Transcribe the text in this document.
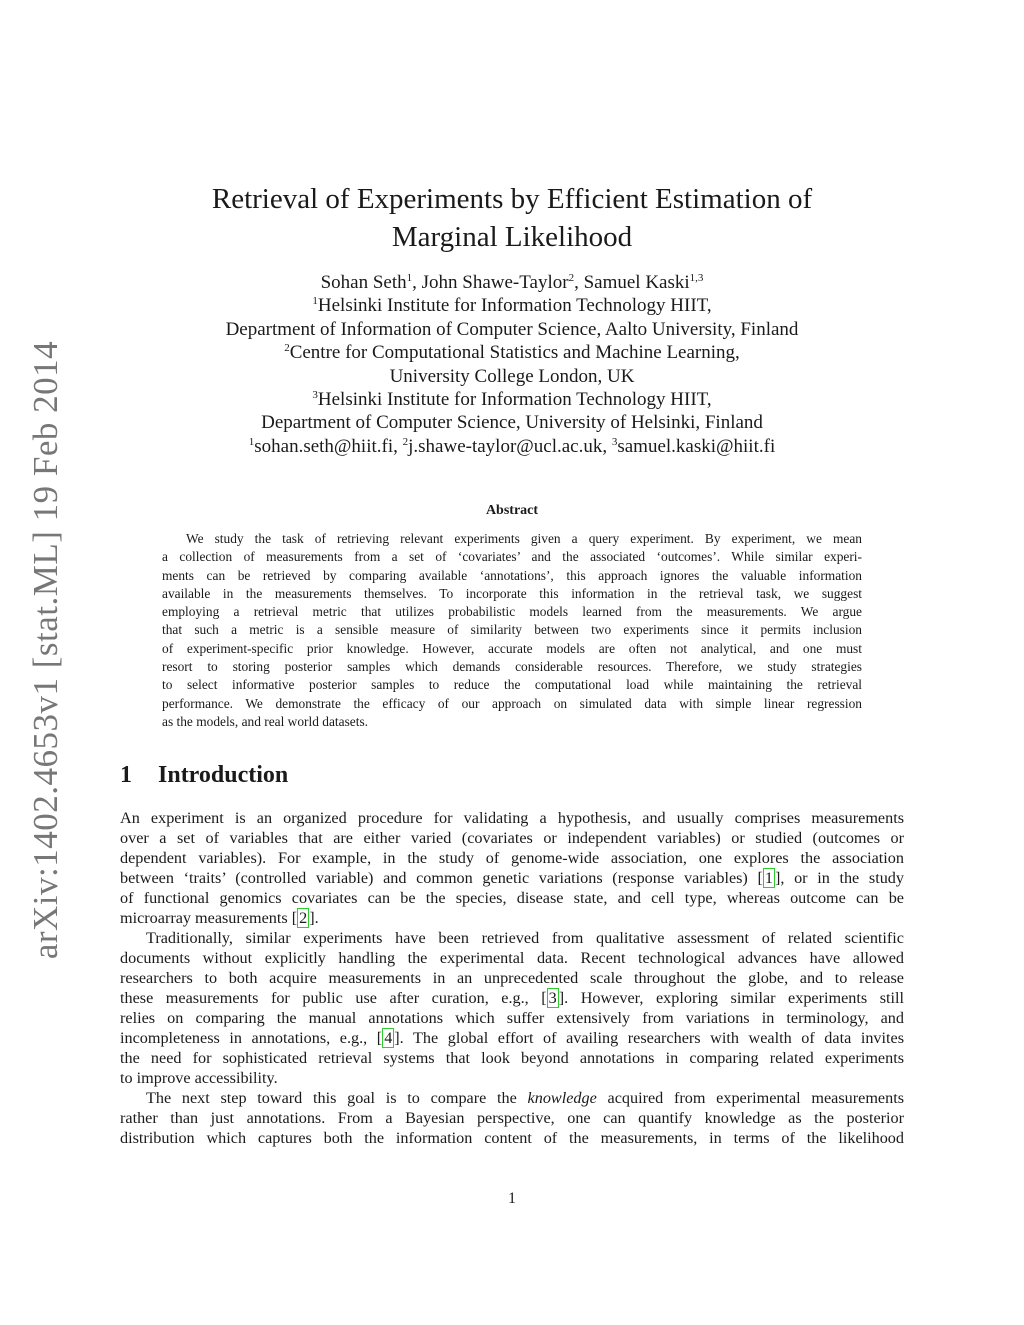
arXiv:1402.4653v1 [stat.ML] 19 Feb 2014
Retrieval of Experiments by Efficient Estimation of
Marginal Likelihood
Sohan Seth$^1$, John Shawe-Taylor$^2$, Samuel Kaski$^{1,3}$
$^1$Helsinki Institute for Information Technology HIIT,
Department of Information of Computer Science, Aalto University, Finland
$^2$Centre for Computational Statistics and Machine Learning,
University College London, UK
$^3$Helsinki Institute for Information Technology HIIT,
Department of Computer Science, University of Helsinki, Finland
$^1$sohan.seth@hiit.fi, $^2$j.shawe-taylor@ucl.ac.uk, $^3$samuel.kaski@hiit.fi
Abstract
We study the task of retrieving relevant experiments given a query experiment. By experiment, we mean
a collection of measurements from a set of ‘covariates’ and the associated ‘outcomes’. While similar experi-
ments can be retrieved by comparing available ‘annotations’, this approach ignores the valuable information
available in the measurements themselves. To incorporate this information in the retrieval task, we suggest
employing a retrieval metric that utilizes probabilistic models learned from the measurements. We argue
that such a metric is a sensible measure of similarity between two experiments since it permits inclusion
of experiment-specific prior knowledge. However, accurate models are often not analytical, and one must
resort to storing posterior samples which demands considerable resources. Therefore, we study strategies
to select informative posterior samples to reduce the computational load while maintaining the retrieval
performance. We demonstrate the efficacy of our approach on simulated data with simple linear regression
as the models, and real world datasets.
1 Introduction
An experiment is an organized procedure for validating a hypothesis, and usually comprises measurements
over a set of variables that are either varied (covariates or independent variables) or studied (outcomes or
dependent variables). For example, in the study of genome-wide association, one explores the association
between ‘traits’ (controlled variable) and common genetic variations (response variables) [ 1 ], or in the study
of functional genomics covariates can be the species, disease state, and cell type, whereas outcome can be
microarray measurements [ 2 ].
Traditionally, similar experiments have been retrieved from qualitative assessment of related scientific
documents without explicitly handling the experimental data. Recent technological advances have allowed
researchers to both acquire measurements in an unprecedented scale throughout the globe, and to release
these measurements for public use after curation, e.g., [ 3 ]. However, exploring similar experiments still
relies on comparing the manual annotations which suffer extensively from variations in terminology, and
incompleteness in annotations, e.g., [ 4 ]. The global effort of availing researchers with wealth of data invites
the need for sophisticated retrieval systems that look beyond annotations in comparing related experiments
to improve accessibility.
The next step toward this goal is to compare the knowledge acquired from experimental measurements
rather than just annotations. From a Bayesian perspective, one can quantify knowledge as the posterior
distribution which captures both the information content of the measurements, in terms of the likelihood
1
